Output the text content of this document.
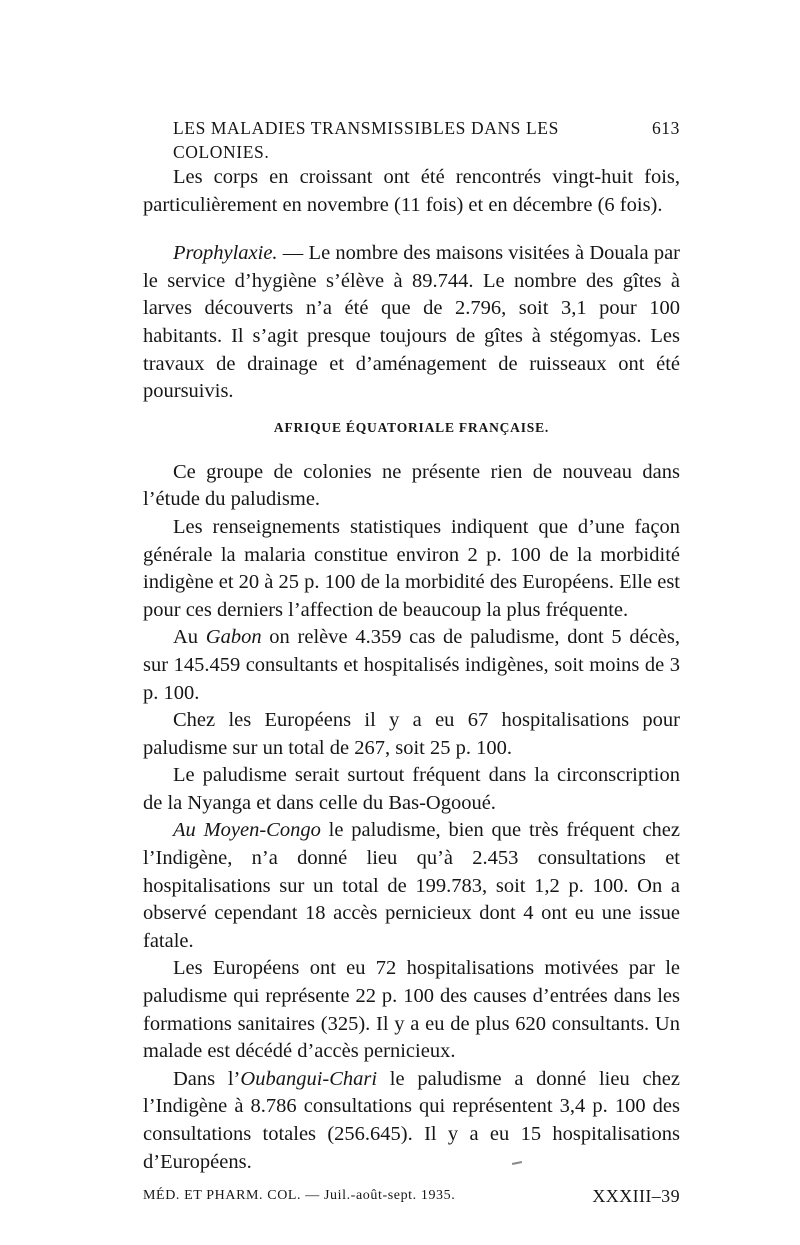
LES MALADIES TRANSMISSIBLES DANS LES COLONIES.
613

Les corps en croissant ont été rencontrés vingt-huit fois, particulièrement en novembre (11 fois) et en décembre (6 fois).

Prophylaxie. — Le nombre des maisons visitées à Douala par le service d’hygiène s’élève à 89.744. Le nombre des gîtes à larves découverts n’a été que de 2.796, soit 3,1 pour 100 habitants. Il s’agit presque toujours de gîtes à stégomyas. Les travaux de drainage et d’aménagement de ruisseaux ont été poursuivis.

AFRIQUE ÉQUATORIALE FRANÇAISE.

Ce groupe de colonies ne présente rien de nouveau dans l’étude du paludisme.

Les renseignements statistiques indiquent que d’une façon générale la malaria constitue environ 2 p. 100 de la morbidité indigène et 20 à 25 p. 100 de la morbidité des Européens. Elle est pour ces derniers l’affection de beaucoup la plus fréquente.

Au Gabon on relève 4.359 cas de paludisme, dont 5 décès, sur 145.459 consultants et hospitalisés indigènes, soit moins de 3 p. 100.

Chez les Européens il y a eu 67 hospitalisations pour paludisme sur un total de 267, soit 25 p. 100.

Le paludisme serait surtout fréquent dans la circonscription de la Nyanga et dans celle du Bas-Ogooué.

Au Moyen-Congo le paludisme, bien que très fréquent chez l’Indigène, n’a donné lieu qu’à 2.453 consultations et hospitalisations sur un total de 199.783, soit 1,2 p. 100. On a observé cependant 18 accès pernicieux dont 4 ont eu une issue fatale.

Les Européens ont eu 72 hospitalisations motivées par le paludisme qui représente 22 p. 100 des causes d’entrées dans les formations sanitaires (325). Il y a eu de plus 620 consultants. Un malade est décédé d’accès pernicieux.

Dans l’Oubangui-Chari le paludisme a donné lieu chez l’Indigène à 8.786 consultations qui représentent 3,4 p. 100 des consultations totales (256.645). Il y a eu 15 hospitalisations d’Européens.

MÉD. ET PHARM. COL. — Juil.-août-sept. 1935.	XXXIII–39
